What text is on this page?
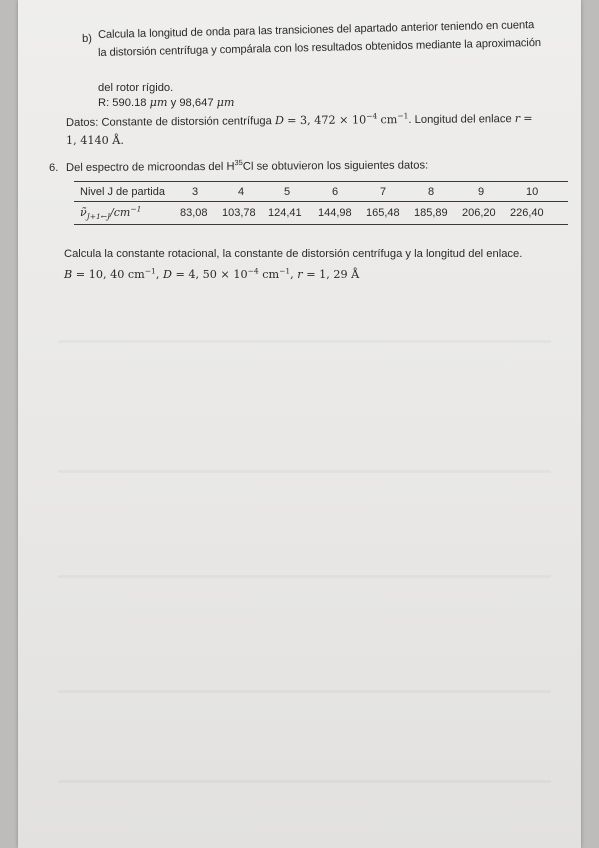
b) Calcula la longitud de onda para las transiciones del apartado anterior teniendo en cuenta
la distorsión centrífuga y compárala con los resultados obtenidos mediante la aproximación
del rotor rígido.
R: 590.18 μm y 98,647 μm
Datos: Constante de distorsión centrífuga D = 3, $472 \times 10^{-4}$ $cm^{-1}$. Longitud del enlace r =
1, 4140 Å.
6. Del espectro de microondas del $H^{35}Cl$ se obtuvieron los siguientes datos:
Nivel J de partida 3	4	5	6	7	8	9	10
$\nũ_{J+1\leftarrow J}/cm^{-1}$	83,08 103,78 124,41 144,98 165,48 185,89 206,20 226,40
Calcula la constante rotacional, la constante de distorsión centrífuga y la longitud del enlace.
B = 10, 40 $cm^{-1}$, D = 4, $50 \times 10^{-4}$ $cm^{-1}$, r = 1, 29 Å
